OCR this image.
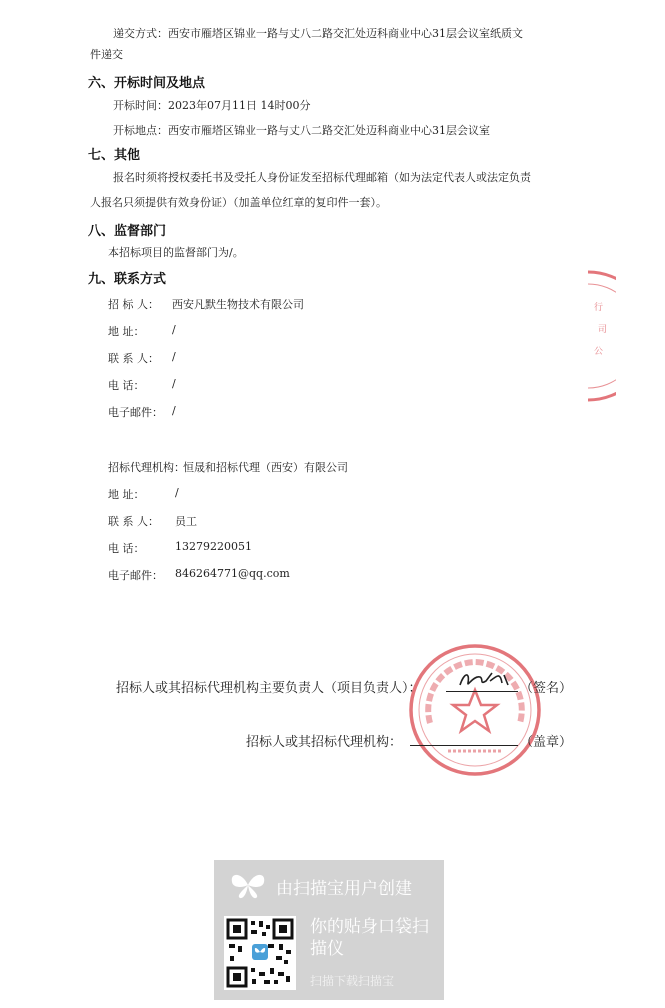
递交方式：西安市雁塔区锦业一路与丈八二路交汇处迈科商业中心31层会议室纸质文
件递交
六、开标时间及地点
开标时间：2023年07月11日 14时00分
开标地点：西安市雁塔区锦业一路与丈八二路交汇处迈科商业中心31层会议室
七、其他
报名时须将授权委托书及受托人身份证发至招标代理邮箱（如为法定代表人或法定负责
人报名只须提供有效身份证）（加盖单位红章的复印件一套）。
八、监督部门
本招标项目的监督部门为/。
九、联系方式
招 标 人： 西安凡默生物技术有限公司
地 址：	/
联 系 人： /
电 话：	/
电子邮件： /
招标代理机构：
恒晟和招标代理（西安）有限公司
地 址：	/
联 系 人： 员工
电 话：	13279220051
电子邮件： 846264771@qq.com
行
司
公
招标人或其招标代理机构主要负责人（项目负责人）：	（签名）
招标人或其招标代理机构：	（盖章）
由扫描宝用户创建
你的贴身口袋扫描仪
扫描下载扫描宝
